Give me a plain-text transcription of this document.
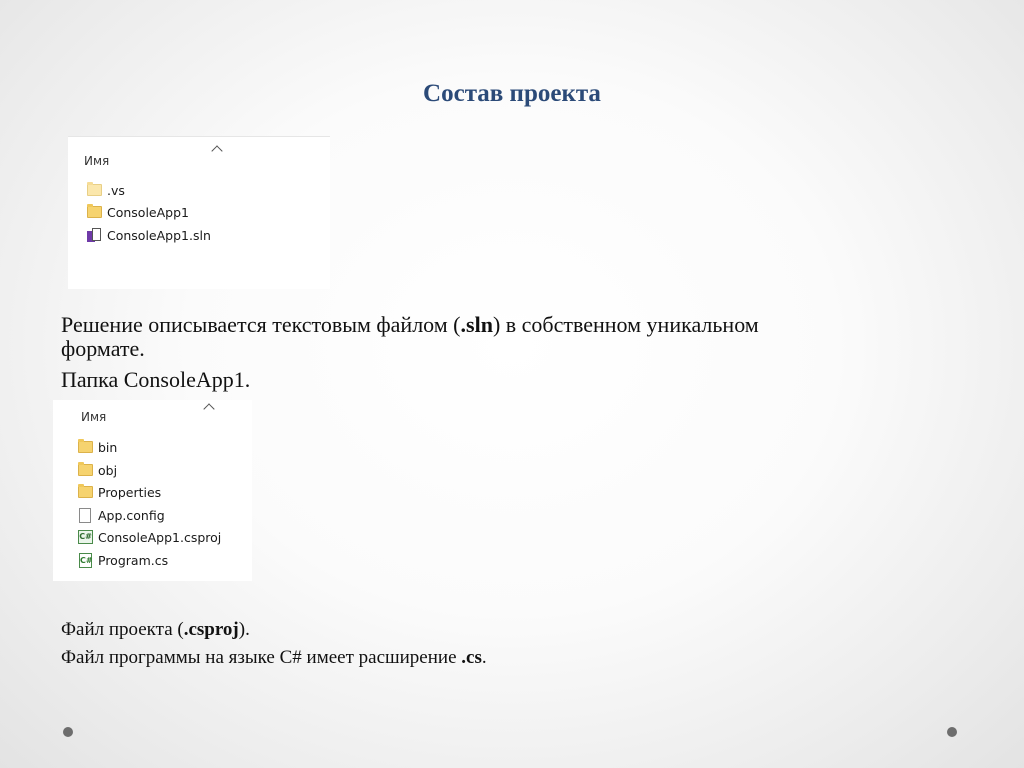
Состав проекта
Имя
.vs
ConsoleApp1
ConsoleApp1.sln
Решение описывается текстовым файлом (.sln) в собственном уникальном
формате.
Папка ConsoleApp1.
Имя
bin
obj
Properties
App.config
C# ConsoleApp1.csproj
C# Program.cs
Файл проекта (.csproj).
Файл программы на языке C# имеет расширение .cs.
